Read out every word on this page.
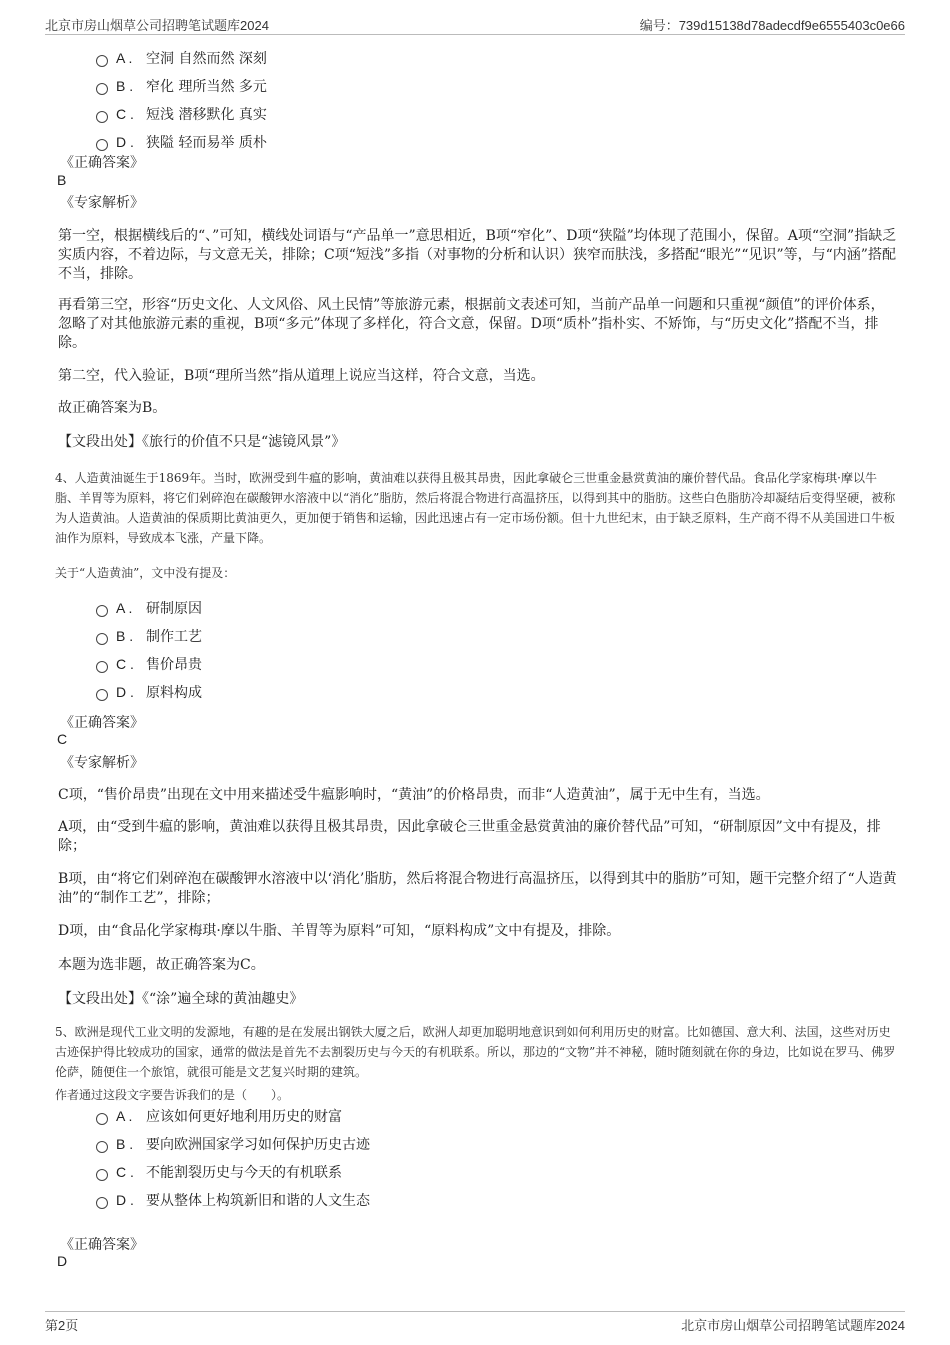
北京市房山烟草公司招聘笔试题库2024	编号：739d15138d78adecdf9e6555403c0e66
A . 空洞 自然而然 深刻
B . 窄化 理所当然 多元
C . 短浅 潜移默化 真实
D . 狭隘 轻而易举 质朴
《正确答案》
B
《专家解析》
第一空，根据横线后的“、”可知，横线处词语与“产品单一”意思相近，B项“窄化”、D项“狭隘”均体现了范围小，保留。A项“空洞”指缺乏实质内容，不着边际，与文意无关，排除；C项“短浅”多指（对事物的分析和认识）狭窄而肤浅，多搭配“眼光”“见识”等，与“内涵”搭配不当，排除。
再看第三空，形容“历史文化、人文风俗、风土民情”等旅游元素，根据前文表述可知，当前产品单一问题和只重视“颜值”的评价体系，忽略了对其他旅游元素的重视，B项“多元”体现了多样化，符合文意，保留。D项“质朴”指朴实、不矫饰，与“历史文化”搭配不当，排除。
第二空，代入验证，B项“理所当然”指从道理上说应当这样，符合文意，当选。
故正确答案为B。
【文段出处】《旅行的价值不只是“滤镜风景”》
4、人造黄油诞生于1869年。当时，欧洲受到牛瘟的影响，黄油难以获得且极其昂贵，因此拿破仑三世重金悬赏黄油的廉价替代品。食品化学家梅琪·摩以牛脂、羊胃等为原料，将它们剁碎泡在碳酸钾水溶液中以“消化”脂肪，然后将混合物进行高温挤压，以得到其中的脂肪。这些白色脂肪冷却凝结后变得坚硬，被称为人造黄油。人造黄油的保质期比黄油更久，更加便于销售和运输，因此迅速占有一定市场份额。但十九世纪末，由于缺乏原料，生产商不得不从美国进口牛板油作为原料，导致成本飞涨，产量下降。
关于“人造黄油”，文中没有提及：
A . 研制原因
B . 制作工艺
C . 售价昂贵
D . 原料构成
《正确答案》
C
《专家解析》
C项，“售价昂贵”出现在文中用来描述受牛瘟影响时，“黄油”的价格昂贵，而非“人造黄油”，属于无中生有，当选。
A项，由“受到牛瘟的影响，黄油难以获得且极其昂贵，因此拿破仑三世重金悬赏黄油的廉价替代品”可知，“研制原因”文中有提及，排除；
B项，由“将它们剁碎泡在碳酸钾水溶液中以‘消化’脂肪，然后将混合物进行高温挤压，以得到其中的脂肪”可知，题干完整介绍了“人造黄油”的“制作工艺”，排除；
D项，由“食品化学家梅琪·摩以牛脂、羊胃等为原料”可知，“原料构成”文中有提及，排除。
本题为选非题，故正确答案为C。
【文段出处】《“涂”遍全球的黄油趣史》
5、欧洲是现代工业文明的发源地，有趣的是在发展出钢铁大厦之后，欧洲人却更加聪明地意识到如何利用历史的财富。比如德国、意大利、法国，这些对历史古迹保护得比较成功的国家，通常的做法是首先不去割裂历史与今天的有机联系。所以，那边的“文物”并不神秘，随时随刻就在你的身边，比如说在罗马、佛罗伦萨，随便住一个旅馆，就很可能是文艺复兴时期的建筑。
作者通过这段文字要告诉我们的是（　　）。
A . 应该如何更好地利用历史的财富
B . 要向欧洲国家学习如何保护历史古迹
C . 不能割裂历史与今天的有机联系
D . 要从整体上构筑新旧和谐的人文生态
《正确答案》
D
第2页	北京市房山烟草公司招聘笔试题库2024
